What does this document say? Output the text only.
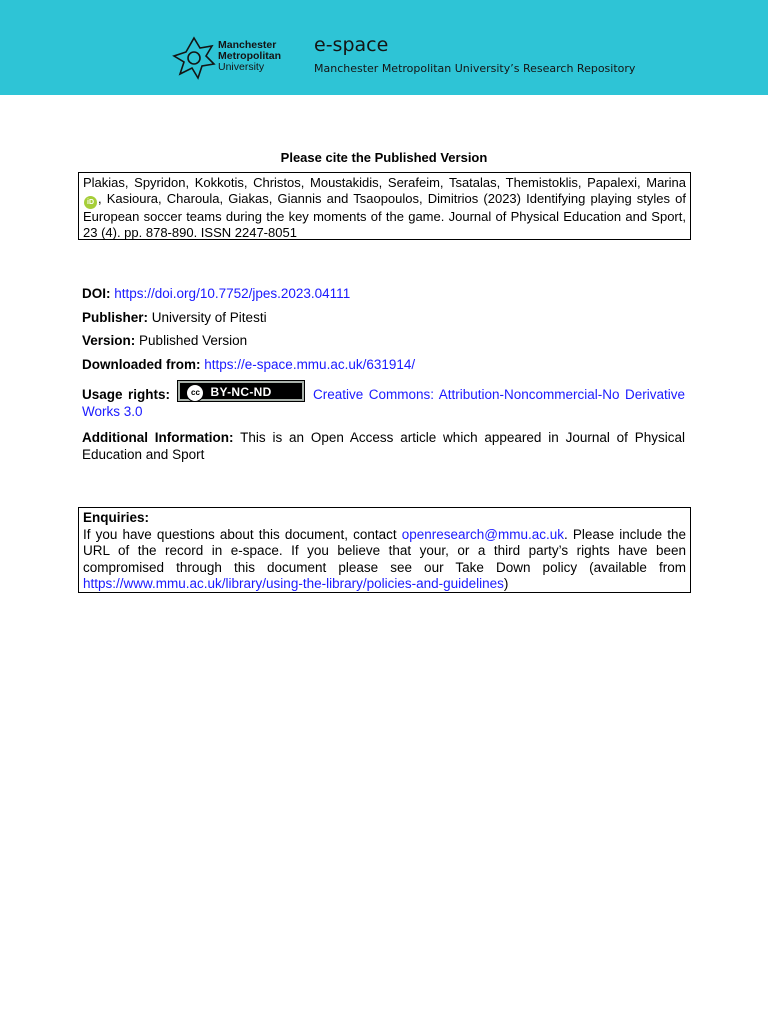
Manchester
Metropolitan
University
e-space
Manchester Metropolitan University’s Research Repository
Please cite the Published Version
Plakias, Spyridon, Kokkotis, Christos, Moustakidis, Serafeim, Tsatalas, Themistoklis, Papalexi, Marina iD , Kasioura, Charoula, Giakas, Giannis and Tsaopoulos, Dimitrios (2023) Identifying playing styles of European soccer teams during the key moments of the game. Journal of Physical Education and Sport, 23 (4). pp. 878-890. ISSN 2247-8051
DOI: https://doi.org/10.7752/jpes.2023.04111
Publisher: University of Pitesti
Version: Published Version
Downloaded from: https://e-space.mmu.ac.uk/631914/
Usage rights:	cc BY-NC-ND	Creative Commons: Attribution-Noncommercial-No Derivative Works 3.0
Additional Information: This is an Open Access article which appeared in Journal of Physical Education and Sport
Enquiries:
If you have questions about this document, contact openresearch@mmu.ac.uk. Please include the URL of the record in e-space. If you believe that your, or a third party’s rights have been compromised through this document please see our Take Down policy (available from https://www.mmu.ac.uk/library/using-the-library/policies-and-guidelines)
